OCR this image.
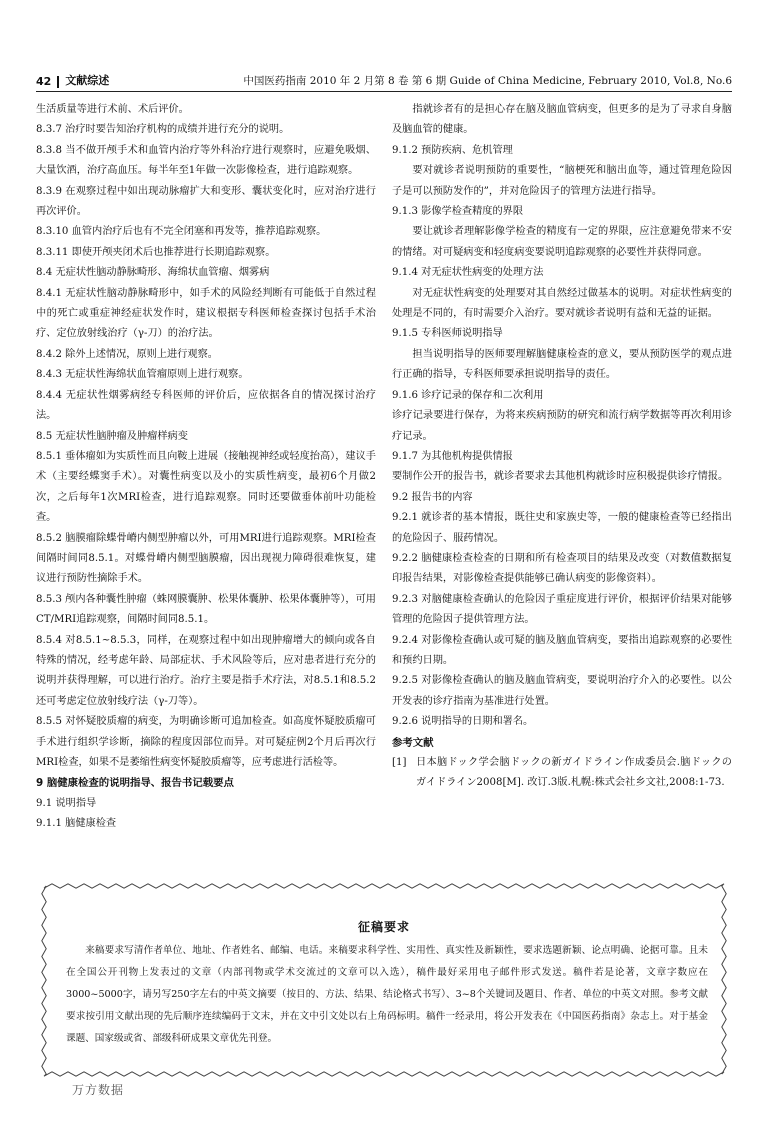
42 文献综述	中国医药指南 2010 年 2 月第 8 卷 第 6 期 Guide of China Medicine, February 2010, Vol.8, No.6

生活质量等进行术前、术后评价。

8.3.7 治疗时要告知治疗机构的成绩并进行充分的说明。

8.3.8 当不做开颅手术和血管内治疗等外科治疗进行观察时，应避免吸烟、大量饮酒，治疗高血压。每半年至1年做一次影像检查，进行追踪观察。

8.3.9 在观察过程中如出现动脉瘤扩大和变形、囊状变化时，应对治疗进行再次评价。

8.3.10 血管内治疗后也有不完全闭塞和再发等，推荐追踪观察。

8.3.11 即使开颅夹闭术后也推荐进行长期追踪观察。

8.4 无症状性脑动静脉畸形、海绵状血管瘤、烟雾病

8.4.1 无症状性脑动静脉畸形中，如手术的风险经判断有可能低于自然过程中的死亡或重症神经症状发作时，建议根据专科医师检查探讨包括手术治疗、定位放射线治疗（γ-刀）的治疗法。

8.4.2 除外上述情况，原则上进行观察。

8.4.3 无症状性海绵状血管瘤原则上进行观察。

8.4.4 无症状性烟雾病经专科医师的评价后，应依据各自的情况探讨治疗法。

8.5 无症状性脑肿瘤及肿瘤样病变

8.5.1 垂体瘤如为实质性而且向鞍上进展（接触视神经或轻度抬高），建议手术（主要经蝶窦手术）。对囊性病变以及小的实质性病变，最初6个月做2次，之后每年1次MRI检查，进行追踪观察。同时还要做垂体前叶功能检查。

8.5.2 脑膜瘤除蝶骨嵴内侧型肿瘤以外，可用MRI进行追踪观察。MRI检查间隔时间同8.5.1。对蝶骨嵴内侧型脑膜瘤，因出现视力障碍很难恢复，建议进行预防性摘除手术。

8.5.3 颅内各种囊性肿瘤（蛛网膜囊肿、松果体囊肿、松果体囊肿等），可用CT/MRI追踪观察，间隔时间同8.5.1。

8.5.4 对8.5.1~8.5.3，同样，在观察过程中如出现肿瘤增大的倾向或各自特殊的情况，经考虑年龄、局部症状、手术风险等后，应对患者进行充分的说明并获得理解，可以进行治疗。治疗主要是指手术疗法，对8.5.1和8.5.2还可考虑定位放射线疗法（γ-刀等）。

8.5.5 对怀疑胶质瘤的病变，为明确诊断可追加检查。如高度怀疑胶质瘤可手术进行组织学诊断，摘除的程度因部位而异。对可疑症例2个月后再次行MRI检查，如果不是萎缩性病变怀疑胶质瘤等，应考虑进行活检等。

9 脑健康检查的说明指导、报告书记载要点

9.1 说明指导

9.1.1 脑健康检查

指就诊者有的是担心存在脑及脑血管病变，但更多的是为了寻求自身脑及脑血管的健康。

9.1.2 预防疾病、危机管理

要对就诊者说明预防的重要性，“脑梗死和脑出血等，通过管理危险因子是可以预防发作的”，并对危险因子的管理方法进行指导。

9.1.3 影像学检查精度的界限

要让就诊者理解影像学检查的精度有一定的界限，应注意避免带来不安的情绪。对可疑病变和轻度病变要说明追踪观察的必要性并获得同意。

9.1.4 对无症状性病变的处理方法

对无症状性病变的处理要对其自然经过做基本的说明。对症状性病变的处理是不同的，有时需要介入治疗。要对就诊者说明有益和无益的证据。

9.1.5 专科医师说明指导

担当说明指导的医师要理解脑健康检查的意义，要从预防医学的观点进行正确的指导，专科医师要承担说明指导的责任。

9.1.6 诊疗记录的保存和二次利用

诊疗记录要进行保存，为将来疾病预防的研究和流行病学数据等再次利用诊疗记录。

9.1.7 为其他机构提供情报

要制作公开的报告书，就诊者要求去其他机构就诊时应积极提供诊疗情报。

9.2 报告书的内容

9.2.1 就诊者的基本情报，既往史和家族史等，一般的健康检查等已经指出的危险因子、服药情况。

9.2.2 脑健康检查检查的日期和所有检查项目的结果及改变（对数值数据复印报告结果，对影像检查提供能够已确认病变的影像资料）。

9.2.3 对脑健康检查确认的危险因子重症度进行评价，根据评价结果对能够管理的危险因子提供管理方法。

9.2.4 对影像检查确认或可疑的脑及脑血管病变，要指出追踪观察的必要性和预约日期。

9.2.5 对影像检查确认的脑及脑血管病变，要说明治疗介入的必要性。以公开发表的诊疗指南为基准进行处置。

9.2.6 说明指导的日期和署名。

参考文献

[1] 日本脑ドック学会脑ドックの新ガイドライン作成委员会.脑ドックのガイドライン2008[M]. 改订.3版.札幌:株式会社乡文社,2008:1-73.
征稿要求
来稿要求写清作者单位、地址、作者姓名、邮编、电话。来稿要求科学性、实用性、真实性及新颖性，要求选题新颖、论点明确、论据可靠。且未在全国公开刊物上发表过的文章（内部刊物或学术交流过的文章可以入选），稿件最好采用电子邮件形式发送。稿件若是论著，文章字数应在3000~5000字，请另写250字左右的中英文摘要（按目的、方法、结果、结论格式书写）、3~8个关键词及题目、作者、单位的中英文对照。参考文献要求按引用文献出现的先后顺序连续编码于文末，并在文中引文处以右上角码标明。稿件一经录用，将公开发表在《中国医药指南》杂志上。对于基金课题、国家级或省、部级科研成果文章优先刊登。
万方数据
